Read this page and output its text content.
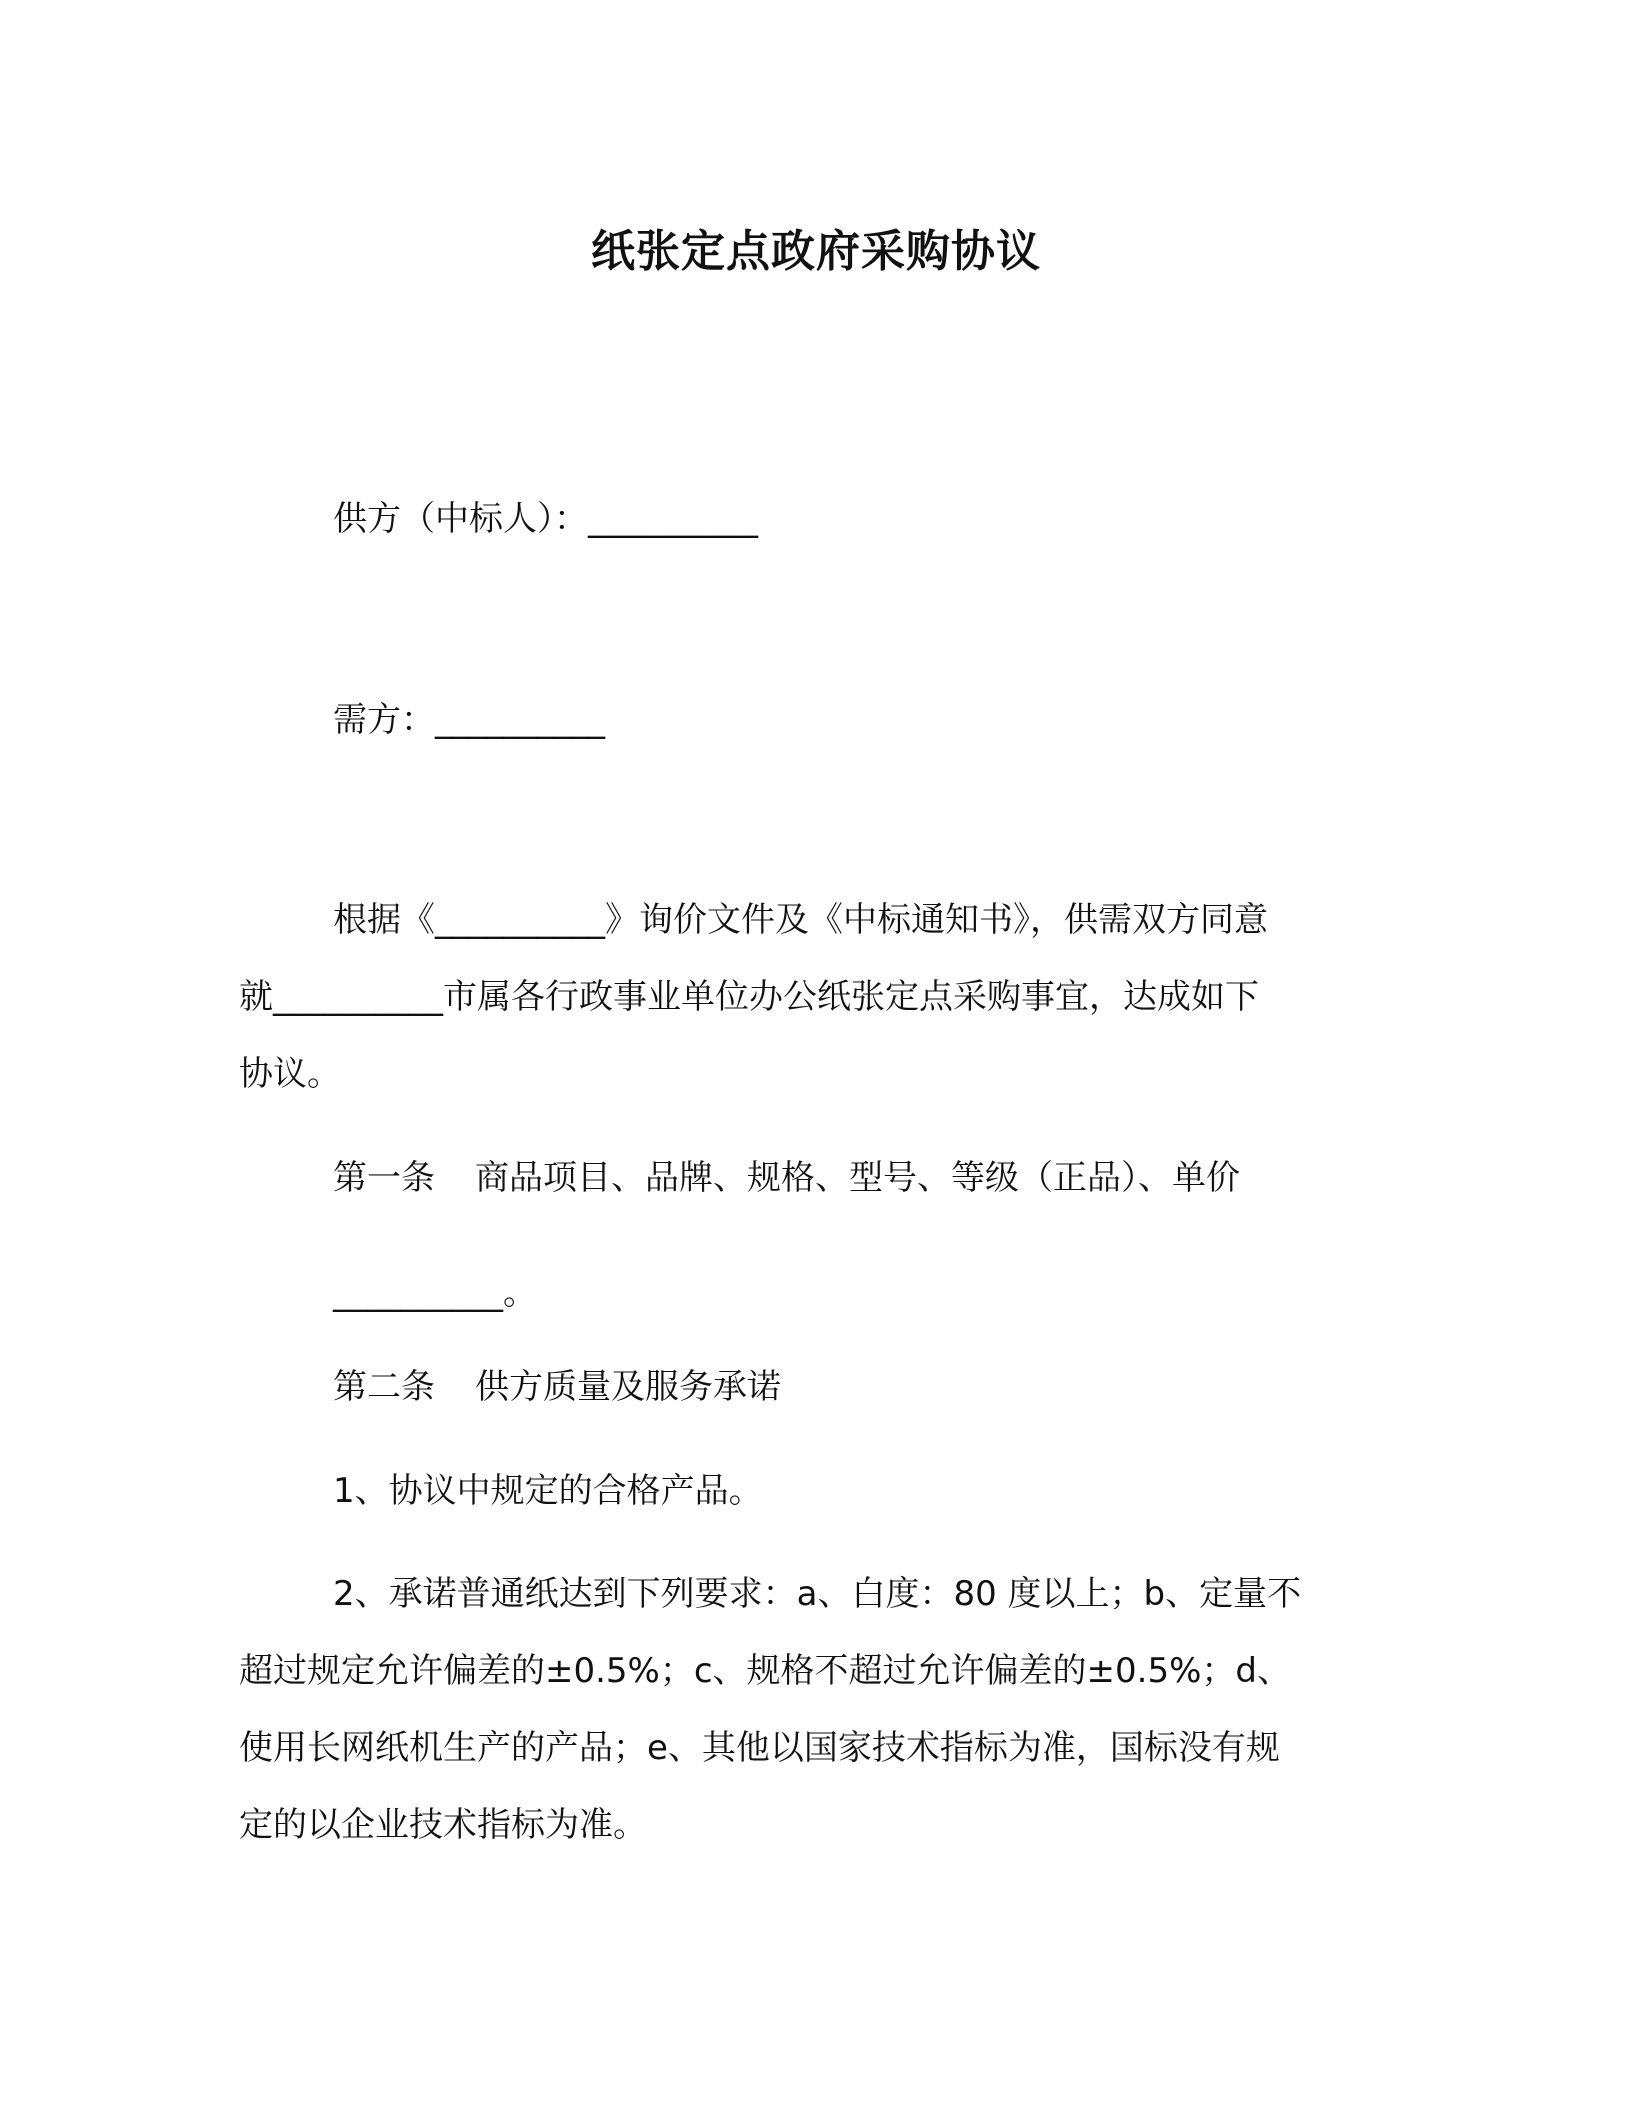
纸张定点政府采购协议
供方（中标人）：__________
需方：__________
根据《__________》询价文件及《中标通知书》，供需双方同意
就__________市属各行政事业单位办公纸张定点采购事宜，达成如下
协议。
第一条 商品项目、品牌、规格、型号、等级（正品）、单价
__________。
第二条 供方质量及服务承诺
1、协议中规定的合格产品。
2、承诺普通纸达到下列要求：a、白度：80 度以上；b、定量不
超过规定允许偏差的±0.5%；c、规格不超过允许偏差的±0.5%；d、
使用长网纸机生产的产品；e、其他以国家技术指标为准，国标没有规
定的以企业技术指标为准。
